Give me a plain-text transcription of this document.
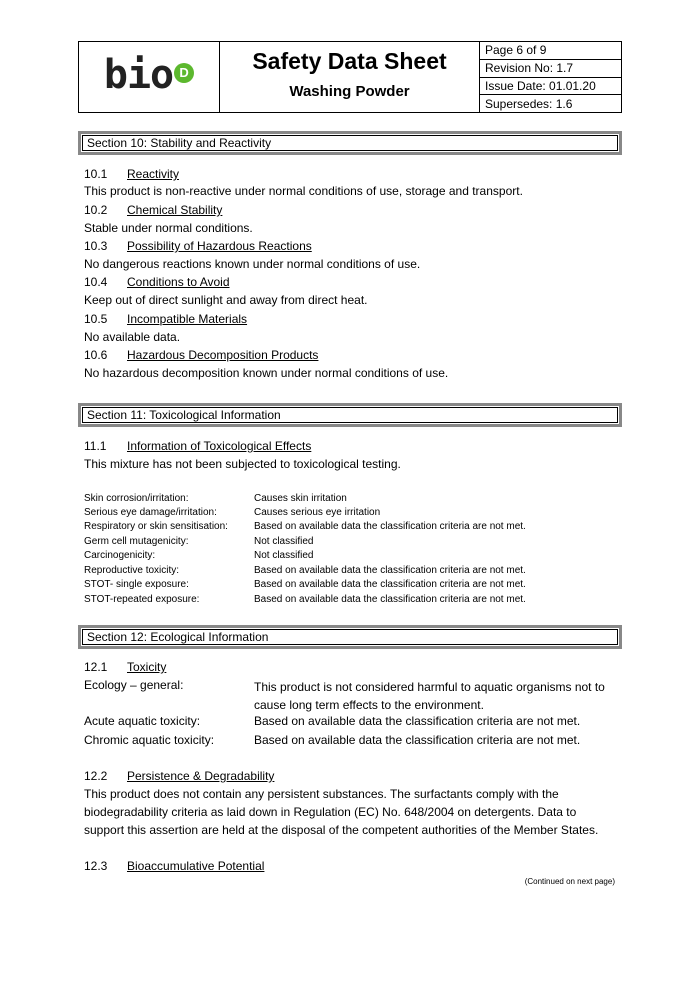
bio D	Safety Data Sheet
Washing Powder
Page 6 of 9
Revision No: 1.7
Issue Date: 01.01.20
Supersedes: 1.6
Section 10: Stability and Reactivity
10.1 Reactivity
This product is non-reactive under normal conditions of use, storage and transport.
10.2 Chemical Stability
Stable under normal conditions.
10.3 Possibility of Hazardous Reactions
No dangerous reactions known under normal conditions of use.
10.4 Conditions to Avoid
Keep out of direct sunlight and away from direct heat.
10.5 Incompatible Materials
No available data.
10.6 Hazardous Decomposition Products
No hazardous decomposition known under normal conditions of use.
Section 11: Toxicological Information
11.1 Information of Toxicological Effects
This mixture has not been subjected to toxicological testing.
Skin corrosion/irritation:	Causes skin irritation
Serious eye damage/irritation:	Causes serious eye irritation
Respiratory or skin sensitisation:	Based on available data the classification criteria are not met.
Germ cell mutagenicity:	Not classified
Carcinogenicity:	Not classified
Reproductive toxicity:	Based on available data the classification criteria are not met.
STOT- single exposure:	Based on available data the classification criteria are not met.
STOT-repeated exposure:	Based on available data the classification criteria are not met.
Section 12: Ecological Information
12.1 Toxicity
Ecology – general:	This product is not considered harmful to aquatic organisms not to cause long term effects to the environment.
Acute aquatic toxicity:	Based on available data the classification criteria are not met.
Chromic aquatic toxicity:	Based on available data the classification criteria are not met.
12.2 Persistence & Degradability
This product does not contain any persistent substances. The surfactants comply with the
biodegradability criteria as laid down in Regulation (EC) No. 648/2004 on detergents. Data to
support this assertion are held at the disposal of the competent authorities of the Member States.
12.3 Bioaccumulative Potential
(Continued on next page)
